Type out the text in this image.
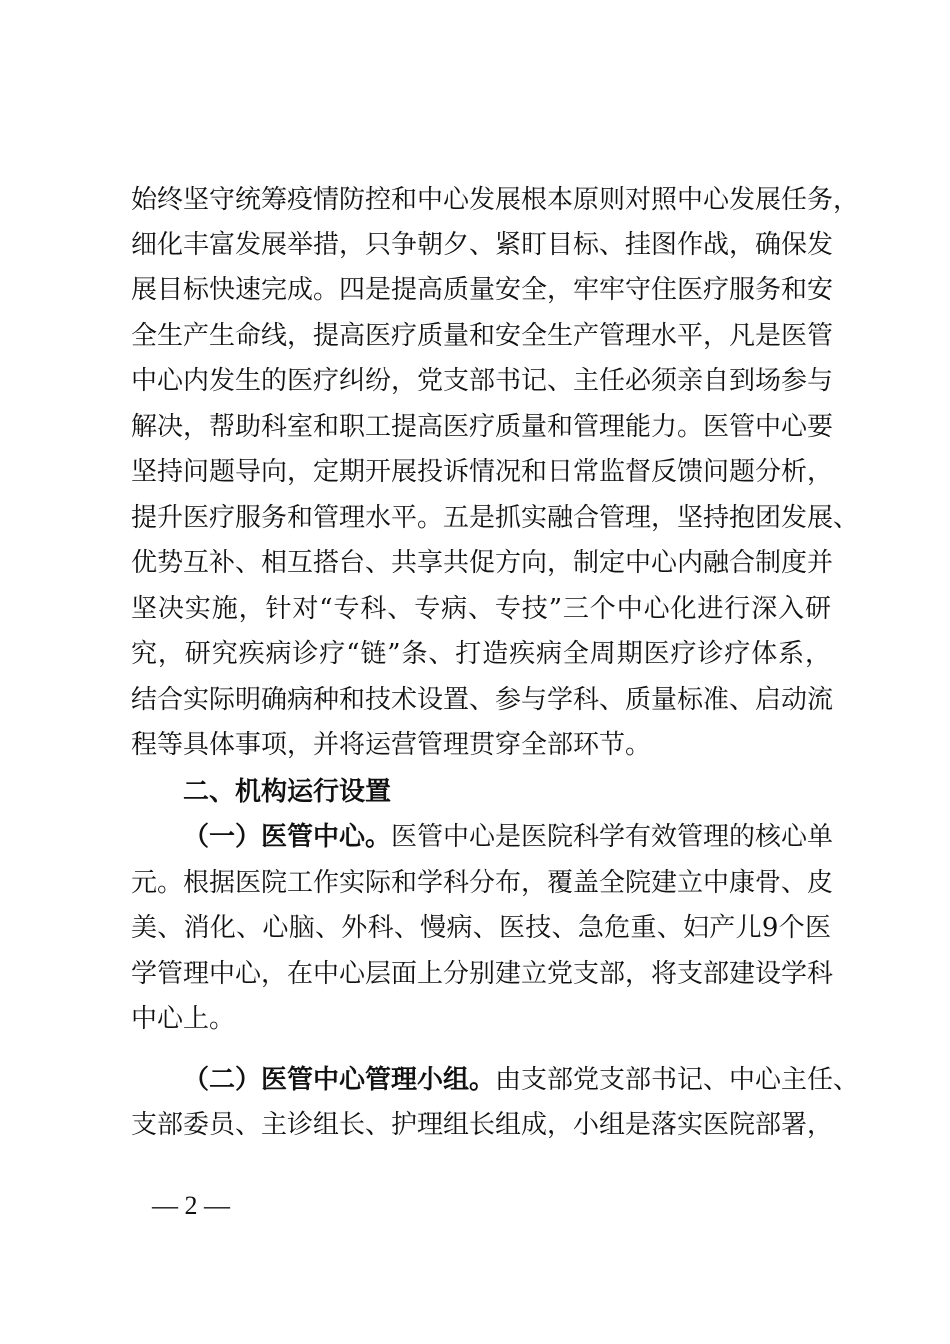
始终坚守统筹疫情防控和中心发展根本原则对照中心发展任务，
细化丰富发展举措，只争朝夕、紧盯目标、挂图作战，确保发
展目标快速完成。四是提高质量安全，牢牢守住医疗服务和安
全生产生命线，提高医疗质量和安全生产管理水平，凡是医管
中心内发生的医疗纠纷，党支部书记、主任必须亲自到场参与
解决，帮助科室和职工提高医疗质量和管理能力。医管中心要
坚持问题导向，定期开展投诉情况和日常监督反馈问题分析，
提升医疗服务和管理水平。五是抓实融合管理，坚持抱团发展、
优势互补、相互搭台、共享共促方向，制定中心内融合制度并
坚决实施，针对“专科、专病、专技”三个中心化进行深入研
究，研究疾病诊疗“链”条、打造疾病全周期医疗诊疗体系，
结合实际明确病种和技术设置、参与学科、质量标准、启动流
程等具体事项，并将运营管理贯穿全部环节。
二、机构运行设置
（一）医管中心。医管中心是医院科学有效管理的核心单
元。根据医院工作实际和学科分布，覆盖全院建立中康骨、皮
美、消化、心脑、外科、慢病、医技、急危重、妇产儿9个医
学管理中心，在中心层面上分别建立党支部，将支部建设学科
中心上。
（二）医管中心管理小组。由支部党支部书记、中心主任、
支部委员、主诊组长、护理组长组成，小组是落实医院部署，
— 2 —
